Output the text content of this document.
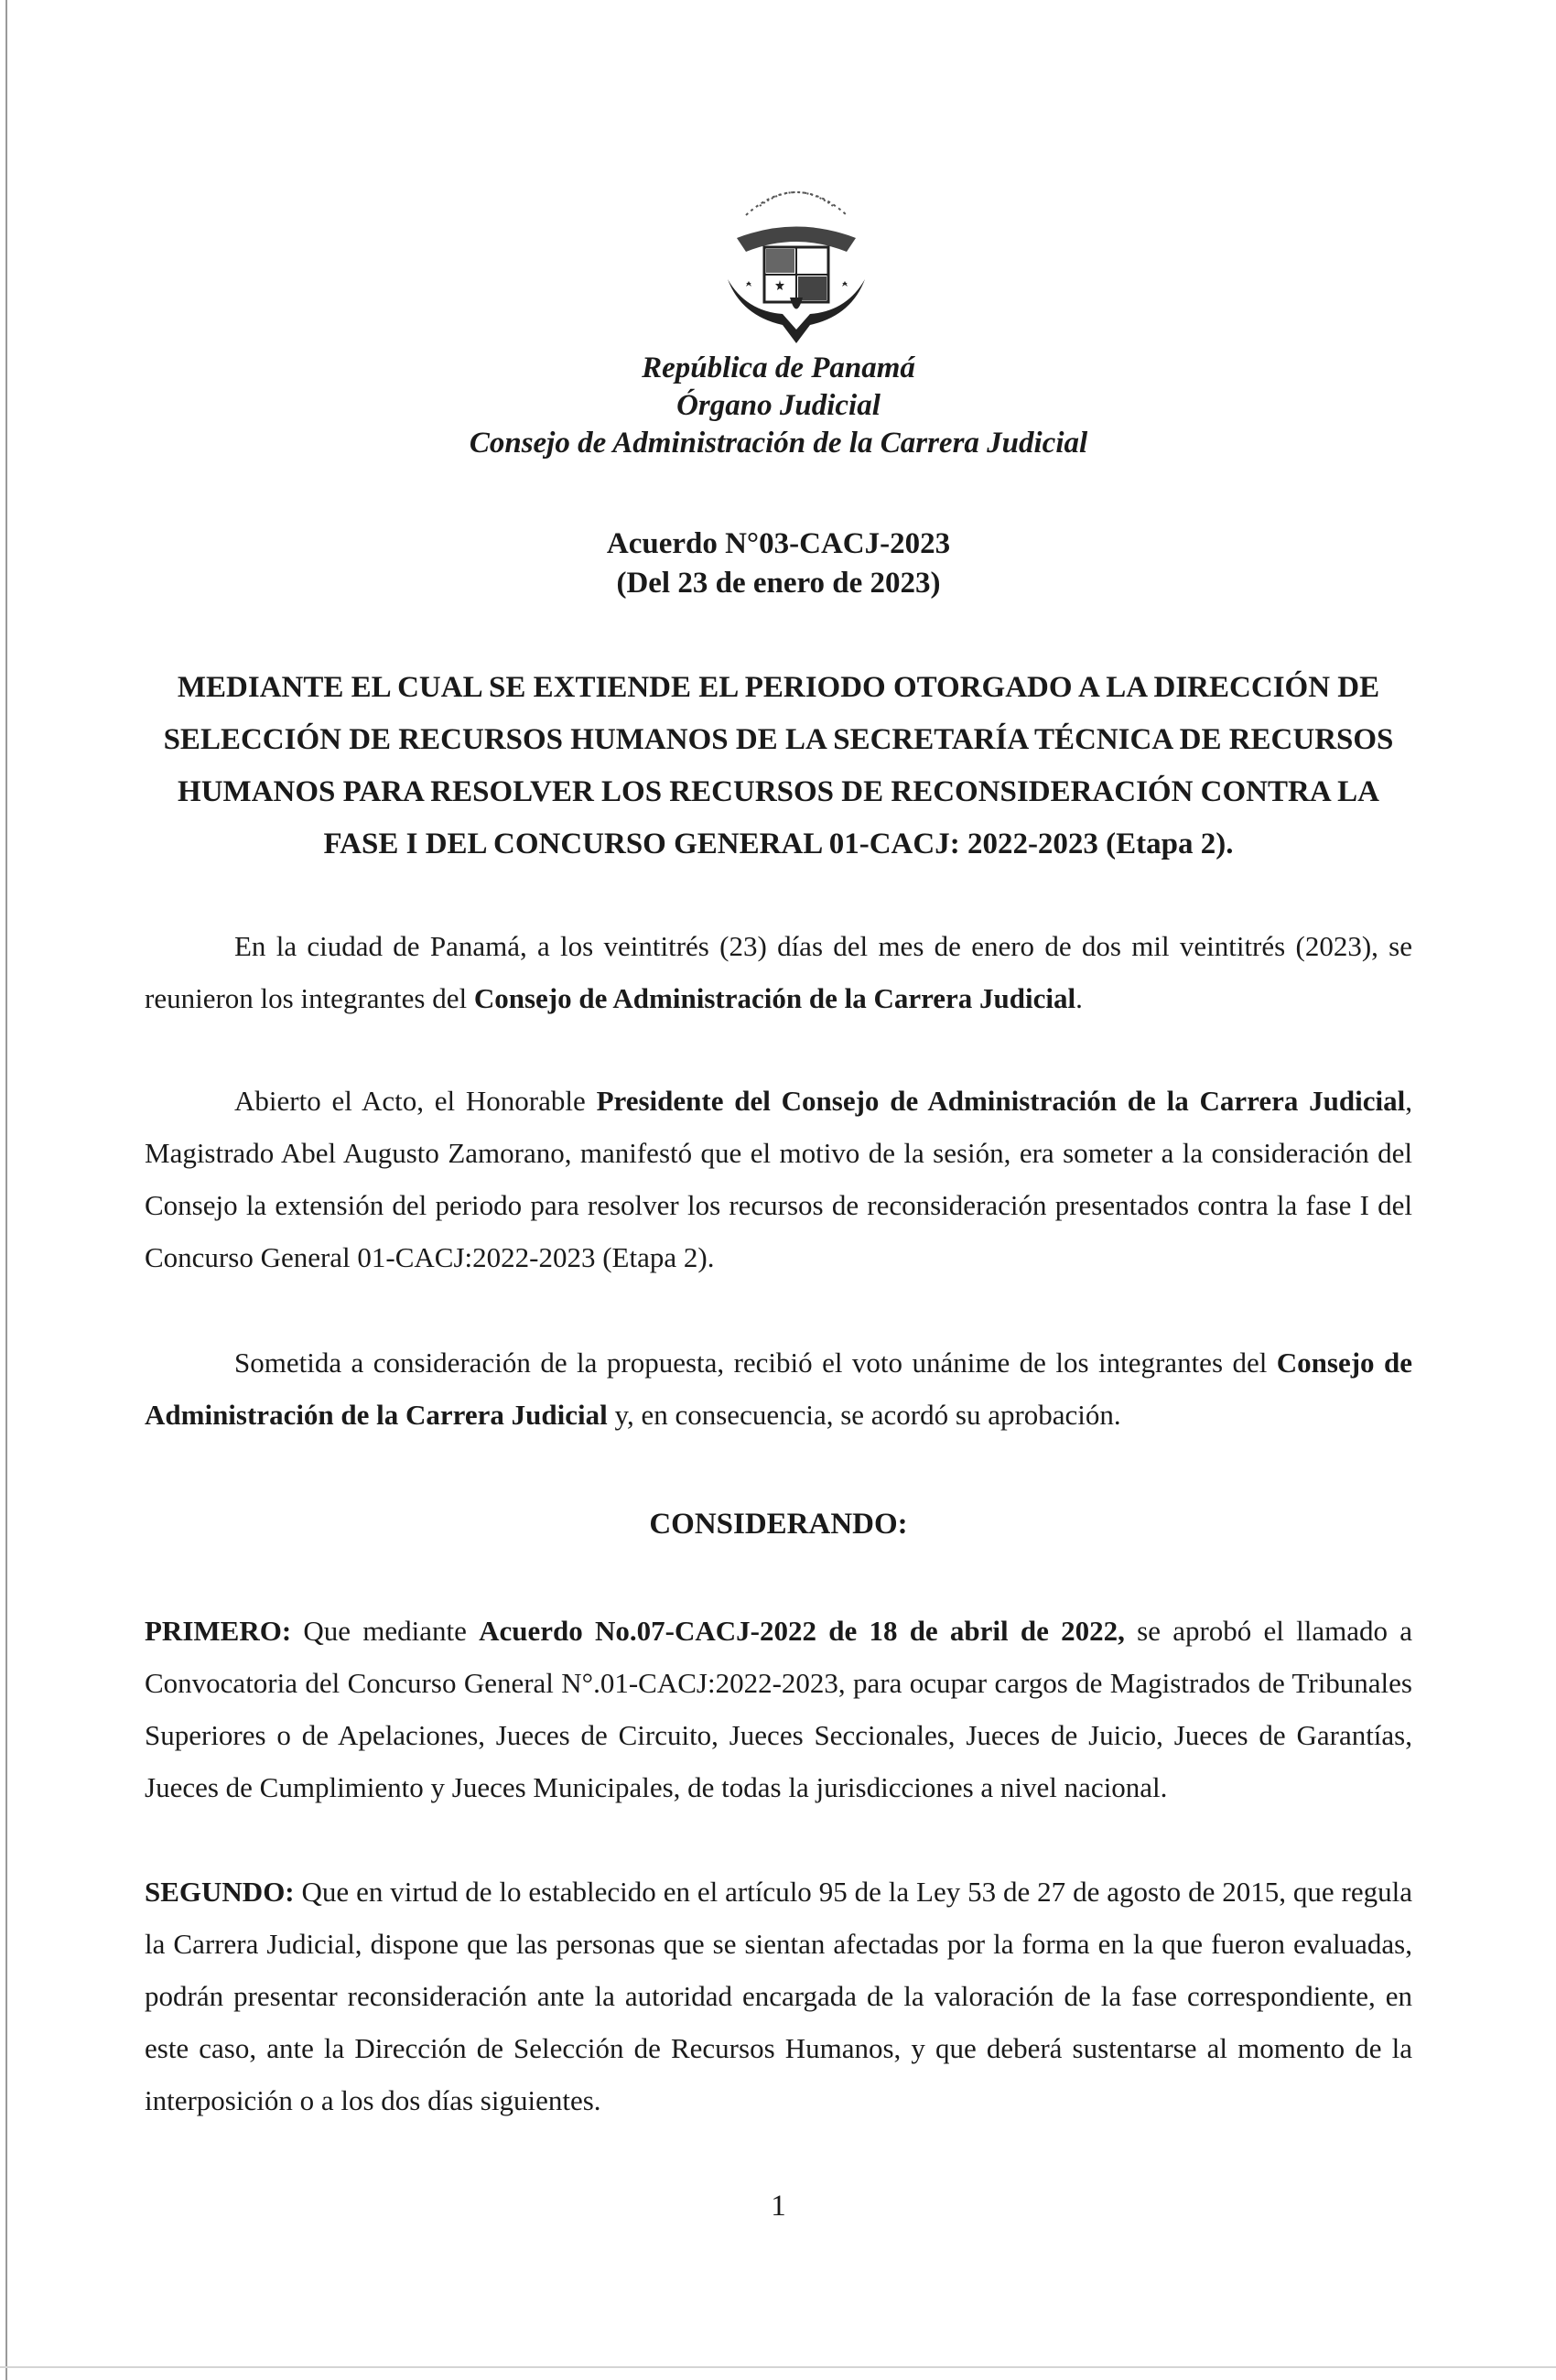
República de Panamá
Órgano Judicial
Consejo de Administración de la Carrera Judicial
Acuerdo N°03-CACJ-2023
(Del 23 de enero de 2023)
MEDIANTE EL CUAL SE EXTIENDE EL PERIODO OTORGADO A LA DIRECCIÓN DE
SELECCIÓN DE RECURSOS HUMANOS DE LA SECRETARÍA TÉCNICA DE RECURSOS
HUMANOS PARA RESOLVER LOS RECURSOS DE RECONSIDERACIÓN CONTRA LA
FASE I DEL CONCURSO GENERAL 01-CACJ: 2022-2023 (Etapa 2).

En la ciudad de Panamá, a los veintitrés (23) días del mes de enero de dos mil veintitrés (2023), se reunieron los integrantes del Consejo de Administración de la Carrera Judicial.

Abierto el Acto, el Honorable Presidente del Consejo de Administración de la Carrera Judicial, Magistrado Abel Augusto Zamorano, manifestó que el motivo de la sesión, era someter a la consideración del Consejo la extensión del periodo para resolver los recursos de reconsideración presentados contra la fase I del Concurso General 01-CACJ:2022-2023 (Etapa 2).

Sometida a consideración de la propuesta, recibió el voto unánime de los integrantes del Consejo de Administración de la Carrera Judicial y, en consecuencia, se acordó su aprobación.

CONSIDERANDO:

PRIMERO: Que mediante Acuerdo No.07-CACJ-2022 de 18 de abril de 2022, se aprobó el llamado a Convocatoria del Concurso General N°.01-CACJ:2022-2023, para ocupar cargos de Magistrados de Tribunales Superiores o de Apelaciones, Jueces de Circuito, Jueces Seccionales, Jueces de Juicio, Jueces de Garantías, Jueces de Cumplimiento y Jueces Municipales, de todas la jurisdicciones a nivel nacional.

SEGUNDO: Que en virtud de lo establecido en el artículo 95 de la Ley 53 de 27 de agosto de 2015, que regula la Carrera Judicial, dispone que las personas que se sientan afectadas por la forma en la que fueron evaluadas, podrán presentar reconsideración ante la autoridad encargada de la valoración de la fase correspondiente, en este caso, ante la Dirección de Selección de Recursos Humanos, y que deberá sustentarse al momento de la interposición o a los dos días siguientes.

1
